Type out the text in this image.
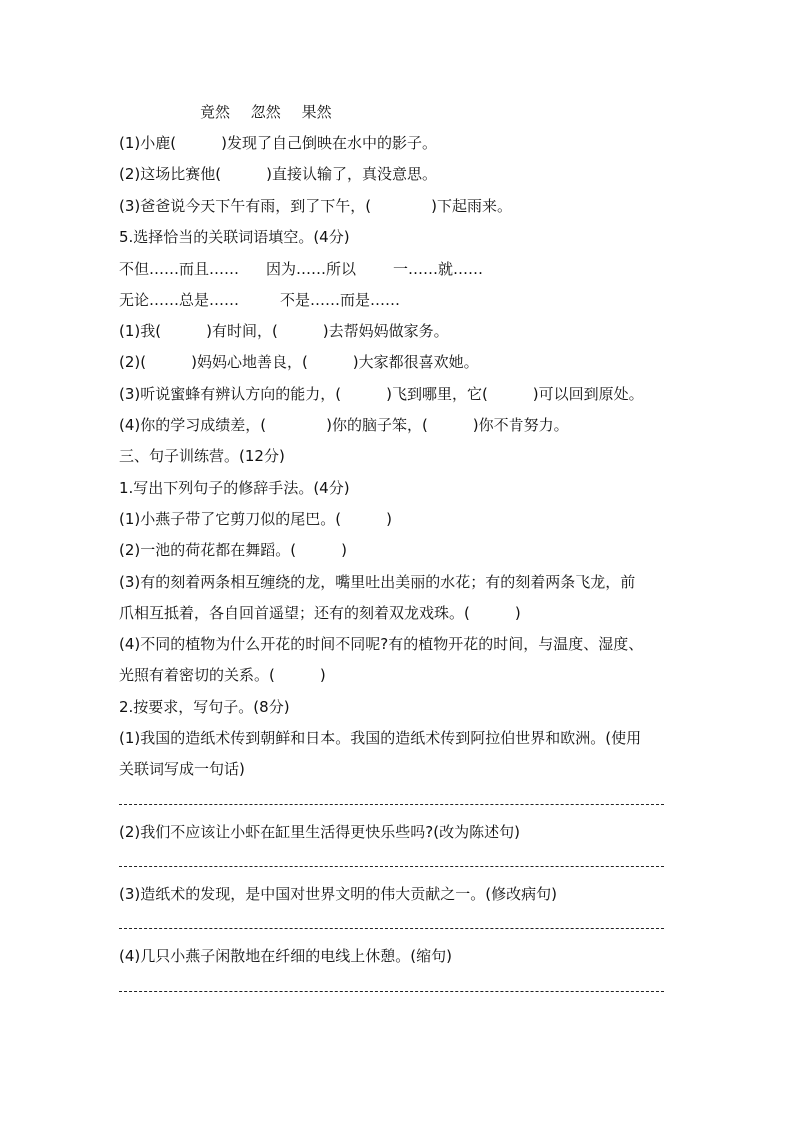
竟然 忽然 果然
(1)小鹿(　　　)发现了自己倒映在水中的影子。
(2)这场比赛他(　　　)直接认输了，真没意思。
(3)爸爸说今天下午有雨，到了下午，(　　　　)下起雨来。
5.选择恰当的关联词语填空。(4分)
不但……而且…… 因为……所以 一……就……
无论……总是……	不是……而是……
(1)我(　　　)有时间，(　　　)去帮妈妈做家务。
(2)(　　　)妈妈心地善良，(　　　)大家都很喜欢她。
(3)听说蜜蜂有辨认方向的能力，(　　　)飞到哪里，它(　　　)可以回到原处。
(4)你的学习成绩差，(　　　　)你的脑子笨，(　　　)你不肯努力。
三、句子训练营。(12分)
1.写出下列句子的修辞手法。(4分)
(1)小燕子带了它剪刀似的尾巴。(　　　)
(2)一池的荷花都在舞蹈。(　　　)
(3)有的刻着两条相互缠绕的龙，嘴里吐出美丽的水花；有的刻着两条飞龙，前
爪相互抵着，各自回首遥望；还有的刻着双龙戏珠。(　　　)
(4)不同的植物为什么开花的时间不同呢?有的植物开花的时间，与温度、湿度、
光照有着密切的关系。(　　　)
2.按要求，写句子。(8分)
(1)我国的造纸术传到朝鲜和日本。我国的造纸术传到阿拉伯世界和欧洲。(使用
关联词写成一句话)
(2)我们不应该让小虾在缸里生活得更快乐些吗?(改为陈述句)
(3)造纸术的发现，是中国对世界文明的伟大贡献之一。(修改病句)
(4)几只小燕子闲散地在纤细的电线上休憩。(缩句)
